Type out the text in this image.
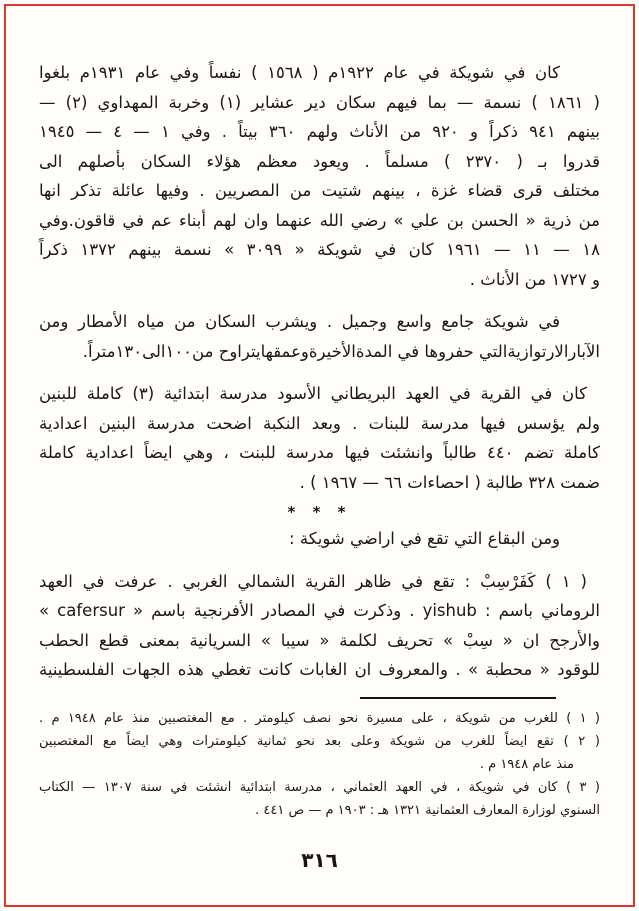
كان في شويكة في عام ١٩٢٢م ( ١٥٦٨ ) نفساً وفي عام ١٩٣١م بلغوا
( ١٨٦١ ) نسمة — بما فيهم سكان دير عشاير (١) وخربة المهداوي (٢) —
بينهم ٩٤١ ذكراً و ٩٢٠ من الأناث ولهم ٣٦٠ بيتاً . وفي ١ — ٤ — ١٩٤٥
قدروا بـ ( ٢٣٧٠ ) مسلماً . ويعود معظم هؤلاء السكان بأصلهم الى
مختلف قرى قضاء غزة ، بينهم شتيت من المصريين . وفيها عائلة تذكر انها
من ذرية « الحسن بن علي » رضي الله عنهما وان لهم أبناء عم في قاقون.وفي
١٨ — ١١ — ١٩٦١ كان في شويكة « ٣٠٩٩ » نسمة بينهم ١٣٧٢ ذكراً
و ١٧٢٧ من الأناث .
في شويكة جامع واسع وجميل . ويشرب السكان من مياه الأمطار ومن
الآبارالارتوازيةالتي حفروها في المدةالأخيرةوعمقهايتراوح من١٠٠الى١٣٠متراً.
كان في القرية في العهد البريطاني الأسود مدرسة ابتدائية (٣) كاملة للبنين
ولم يؤسس فيها مدرسة للبنات . وبعد النكبة اضحت مدرسة البنين اعدادية
كاملة تضم ٤٤٠ طالباً وانشئت فيها مدرسة للبنت ، وهي ايضاً اعدادية كاملة
ضمت ٣٢٨ طالبة ( احصاءات ٦٦ — ١٩٦٧ ) .
* * *
ومن البقاع التي تقع في اراضي شويكة :
( ١ ) كَفَرْسِبْ : تقع في ظاهر القرية الشمالي الغربي . عرفت في العهد
الروماني باسم : yishub . وذكرت في المصادر الأفرنجية باسم « cafersur »
والأرجح ان « سِبْ » تحريف لكلمة « سيبا » السريانية بمعنى قطع الحطب
للوقود « محطبة » . والمعروف ان الغابات كانت تغطي هذه الجهات الفلسطينية
( ١ ) للغرب من شويكة ، على مسيرة نحو نصف كيلومتر . مع المغتصبين منذ عام ١٩٤٨ م .
( ٢ ) تقع ايضاً للغرب من شويكة وعلى بعد نحو ثمانية كيلومترات وهي ايضاً مع المغتصبين
منذ عام ١٩٤٨ م .
( ٣ ) كان في شويكة ، في العهد العثماني ، مدرسة ابتدائية انشئت في سنة ١٣٠٧ — الكتاب
السنوي لوزارة المعارف العثمانية ١٣٢١ هـ : ١٩٠٣ م — ص ٤٤١ .
٣١٦
